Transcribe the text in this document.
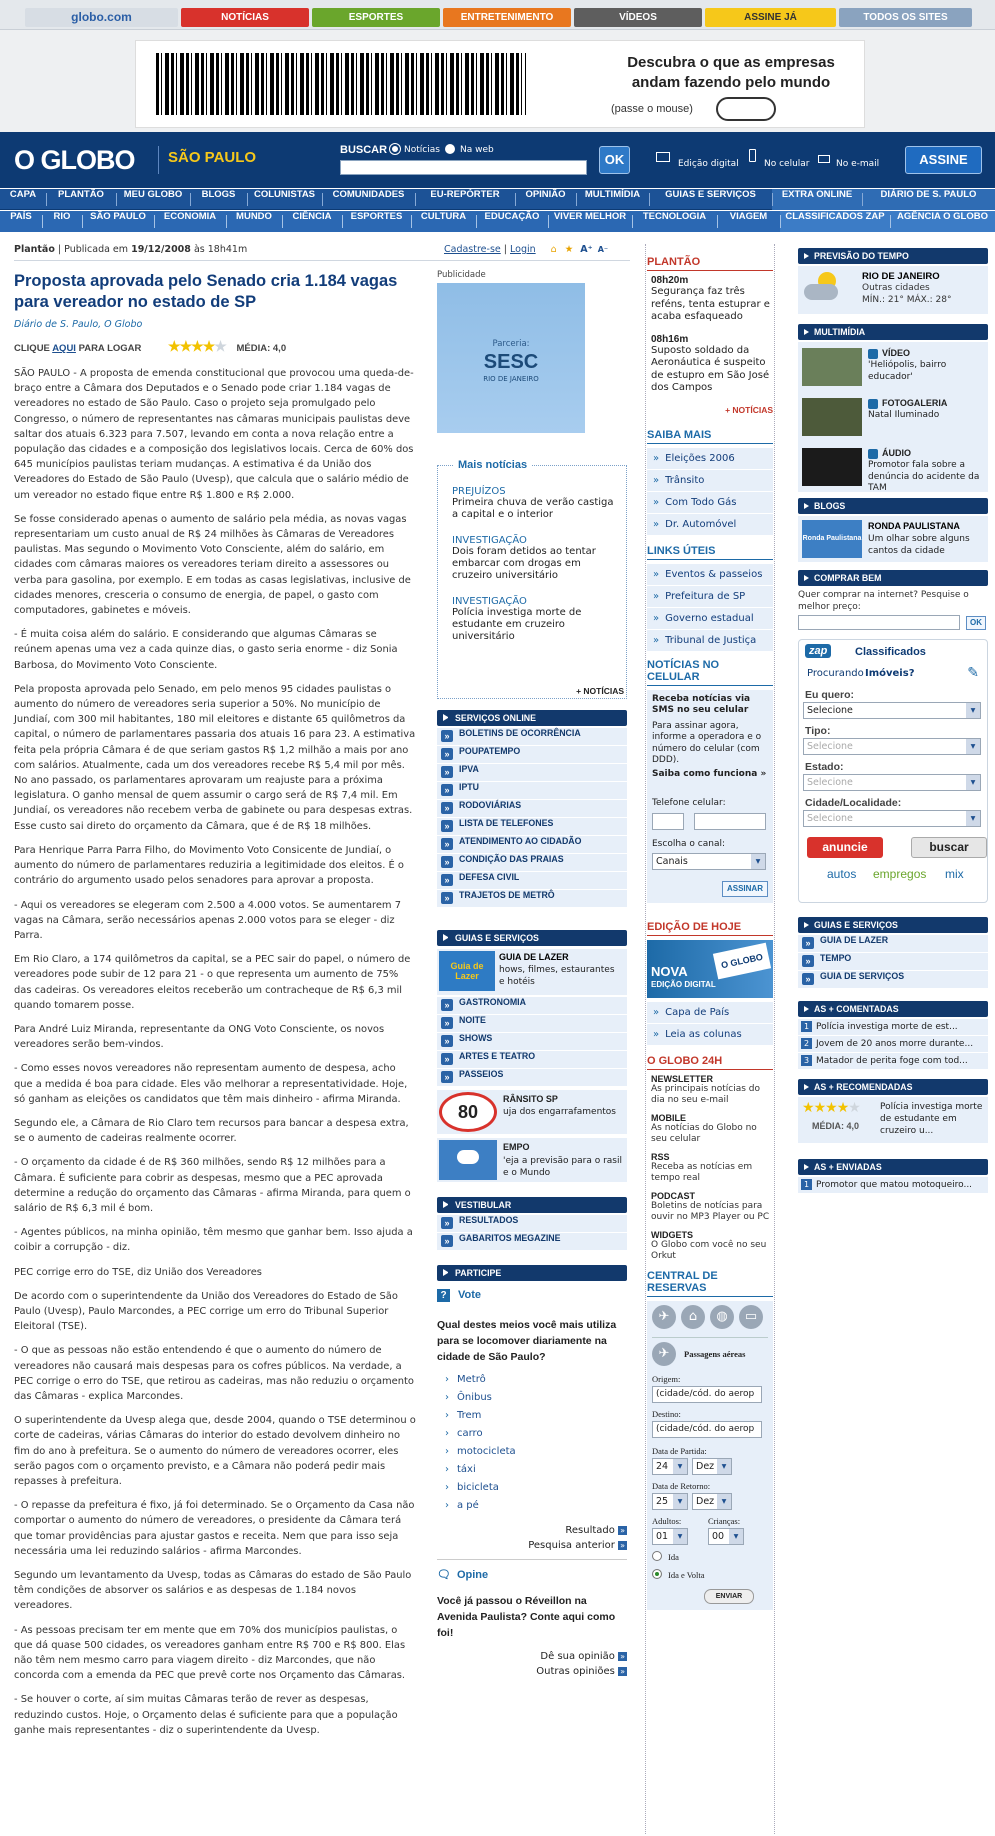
globo.com	NOTÍCIAS	ESPORTES	ENTRETENIMENTO	VÍDEOS	ASSINE JÁ	TODOS OS SITES
Descubra o que as empresas
andam fazendo pelo mundo
(passe o mouse)
O GLOBO SÃO PAULO	BUSCAR Notícias Na web
OK	Edição digital	No celular	No e-mail	ASSINE
CAPA	PLANTÃO	MEU GLOBO	BLOGS	COLUNISTAS	COMUNIDADES	EU-REPÓRTER	OPINIÃO	MULTIMÍDIA	GUIAS E SERVIÇOS	EXTRA ONLINE	DIÁRIO DE S. PAULO
PAÍS	RIO	SÃO PAULO	ECONOMIA	MUNDO	CIÊNCIA	ESPORTES	CULTURA	EDUCAÇÃO	VIVER MELHOR	TECNOLOGIA	VIAGEM	CLASSIFICADOS ZAP	AGÊNCIA O GLOBO
Plantão | Publicada em 19/12/2008 às 18h41m	Cadastre-se | Login ⌂ ★ A⁺ A⁻
Proposta aprovada pelo Senado cria 1.184 vagas para vereador no estado de SP
Diário de S. Paulo, O Globo
CLIQUE AQUI PARA LOGAR ★★★★★ MÉDIA: 4,0

SÃO PAULO - A proposta de emenda constitucional que provocou uma queda-de-braço entre a Câmara dos Deputados e o Senado pode criar 1.184 vagas de vereadores no estado de São Paulo. Caso o projeto seja promulgado pelo Congresso, o número de representantes nas câmaras municipais paulistas deve saltar dos atuais 6.323 para 7.507, levando em conta a nova relação entre a população das cidades e a composição dos legislativos locais. Cerca de 60% dos 645 municípios paulistas teriam mudanças. A estimativa é da União dos Vereadores do Estado de São Paulo (Uvesp), que calcula que o salário médio de um vereador no estado fique entre R$ 1.800 e R$ 2.000.

Se fosse considerado apenas o aumento de salário pela média, as novas vagas representariam um custo anual de R$ 24 milhões às Câmaras de Vereadores paulistas. Mas segundo o Movimento Voto Consciente, além do salário, em cidades com câmaras maiores os vereadores teriam direito a assessores ou verba para gasolina, por exemplo. E em todas as casas legislativas, inclusive de cidades menores, cresceria o consumo de energia, de papel, o gasto com computadores, gabinetes e móveis.

- É muita coisa além do salário. E considerando que algumas Câmaras se reúnem apenas uma vez a cada quinze dias, o gasto seria enorme - diz Sonia Barbosa, do Movimento Voto Consciente.

Pela proposta aprovada pelo Senado, em pelo menos 95 cidades paulistas o aumento do número de vereadores seria superior a 50%. No município de Jundiaí, com 300 mil habitantes, 180 mil eleitores e distante 65 quilômetros da capital, o número de parlamentares passaria dos atuais 16 para 23. A estimativa feita pela própria Câmara é de que seriam gastos R$ 1,2 milhão a mais por ano com salários. Atualmente, cada um dos vereadores recebe R$ 5,4 mil por mês. No ano passado, os parlamentares aprovaram um reajuste para a próxima legislatura. O ganho mensal de quem assumir o cargo será de R$ 7,4 mil. Em Jundiaí, os vereadores não recebem verba de gabinete ou para despesas extras. Esse custo sai direto do orçamento da Câmara, que é de R$ 18 milhões.

Para Henrique Parra Parra Filho, do Movimento Voto Consicente de Jundiaí, o aumento do número de parlamentares reduziria a legitimidade dos eleitos. É o contrário do argumento usado pelos senadores para aprovar a proposta.

- Aqui os vereadores se elegeram com 2.500 a 4.000 votos. Se aumentarem 7 vagas na Câmara, serão necessários apenas 2.000 votos para se eleger - diz Parra.

Em Rio Claro, a 174 quilômetros da capital, se a PEC sair do papel, o número de vereadores pode subir de 12 para 21 - o que representa um aumento de 75% das cadeiras. Os vereadores eleitos receberão um contracheque de R$ 6,3 mil quando tomarem posse.

Para André Luiz Miranda, representante da ONG Voto Consciente, os novos vereadores serão bem-vindos.

- Como esses novos vereadores não representam aumento de despesa, acho que a medida é boa para cidade. Eles vão melhorar a representatividade. Hoje, só ganham as eleições os candidatos que têm mais dinheiro - afirma Miranda.

Segundo ele, a Câmara de Rio Claro tem recursos para bancar a despesa extra, se o aumento de cadeiras realmente ocorrer.

- O orçamento da cidade é de R$ 360 milhões, sendo R$ 12 milhões para a Câmara. É suficiente para cobrir as despesas, mesmo que a PEC aprovada determine a redução do orçamento das Câmaras - afirma Miranda, para quem o salário de R$ 6,3 mil é bom.

- Agentes públicos, na minha opinião, têm mesmo que ganhar bem. Isso ajuda a coibir a corrupção - diz.

PEC corrige erro do TSE, diz União dos Vereadores

De acordo com o superintendente da União dos Vereadores do Estado de São Paulo (Uvesp), Paulo Marcondes, a PEC corrige um erro do Tribunal Superior Eleitoral (TSE).

- O que as pessoas não estão entendendo é que o aumento do número de vereadores não causará mais despesas para os cofres públicos. Na verdade, a PEC corrige o erro do TSE, que retirou as cadeiras, mas não reduziu o orçamento das Câmaras - explica Marcondes.

O superintendente da Uvesp alega que, desde 2004, quando o TSE determinou o corte de cadeiras, várias Câmaras do interior do estado devolvem dinheiro no fim do ano à prefeitura. Se o aumento do número de vereadores ocorrer, eles serão pagos com o orçamento previsto, e a Câmara não poderá pedir mais repasses à prefeitura.

- O repasse da prefeitura é fixo, já foi determinado. Se o Orçamento da Casa não comportar o aumento do número de vereadores, o presidente da Câmara terá que tomar providências para ajustar gastos e receita. Nem que para isso seja necessária uma lei reduzindo salários - afirma Marcondes.

Segundo um levantamento da Uvesp, todas as Câmaras do estado de São Paulo têm condições de absorver os salários e as despesas de 1.184 novos vereadores.

- As pessoas precisam ter em mente que em 70% dos municípios paulistas, o que dá quase 500 cidades, os vereadores ganham entre R$ 700 e R$ 800. Elas não têm nem mesmo carro para viagem direito - diz Marcondes, que não concorda com a emenda da PEC que prevê corte nos Orçamento das Câmaras.

- Se houver o corte, aí sim muitas Câmaras terão de rever as despesas, reduzindo custos. Hoje, o Orçamento delas é suficiente para que a população ganhe mais representantes - diz o superintendente da Uvesp.

Publicidade
Parceria:
SESC
RIO DE JANEIRO
Mais notícias
PREJUÍZOS
Primeira chuva de verão castiga a capital e o interior
INVESTIGAÇÃO
Dois foram detidos ao tentar embarcar com drogas em cruzeiro universitário
INVESTIGAÇÃO
Polícia investiga morte de estudante em cruzeiro universitário
+ NOTÍCIAS
SERVIÇOS ONLINE
» BOLETINS DE OCORRÊNCIA
» POUPATEMPO
» IPVA
» IPTU
» RODOVIÁRIAS
» LISTA DE TELEFONES
» ATENDIMENTO AO CIDADÃO
» CONDIÇÃO DAS PRAIAS
» DEFESA CIVIL
» TRAJETOS DE METRÔ
GUIAS E SERVIÇOS
Guia de Lazer
GUIA DE LAZER
hows, filmes, estaurantes e hotéis
» GASTRONOMIA
» NOITE
» SHOWS
» ARTES E TEATRO
» PASSEIOS
80
RÂNSITO SP
uja dos engarrafamentos
EMPO
'eja a previsão para o rasil e o Mundo
VESTIBULAR
» RESULTADOS
» GABARITOS MEGAZINE
PARTICIPE
? Vote
Qual destes meios você mais utiliza para se locomover diariamente na cidade de São Paulo?
› Metrô
› Ônibus
› Trem
› carro
› motocicleta
› táxi
› bicicleta
› a pé
Resultado »
Pesquisa anterior »
🗨 Opine
Você já passou o Réveillon na Avenida Paulista? Conte aqui como foi!
Dê sua opinião »
Outras opiniões »
PLANTÃO
08h20m
Segurança faz três reféns, tenta estuprar e acaba esfaqueado
08h16m
Suposto soldado da Aeronáutica é suspeito de estupro em São José dos Campos
+ NOTÍCIAS
SAIBA MAIS
» Eleições 2006
» Trânsito
» Com Todo Gás
» Dr. Automóvel
LINKS ÚTEIS
» Eventos & passeios
» Prefeitura de SP
» Governo estadual
» Tribunal de Justiça
NOTÍCIAS NO CELULAR
Receba notícias via SMS no seu celular
Para assinar agora, informe a operadora e o número do celular (com DDD).
Saiba como funciona »
Telefone celular:
Escolha o canal:
Canais ▾
ASSINAR
EDIÇÃO DE HOJE
NOVA
EDIÇÃO DIGITAL
O GLOBO
» Capa de País
» Leia as colunas
O GLOBO 24H
NEWSLETTER
As principais notícias do dia no seu e-mail
MOBILE
As notícias do Globo no seu celular
RSS
Receba as notícias em tempo real
PODCAST
Boletins de notícias para ouvir no MP3 Player ou PC
WIDGETS
O Globo com você no seu Orkut
CENTRAL DE RESERVAS
✈	⌂	◍	▭
✈	Passagens aéreas
Origem:
(cidade/cód. do aerop
Destino:
(cidade/cód. do aerop
Data de Partida:
24 ▾	Dez ▾
Data de Retorno:
25 ▾	Dez ▾
Adultos:	Crianças:
01 ▾	00 ▾
Ida
Ida e Volta
ENVIAR
PREVISÃO DO TEMPO
RIO DE JANEIRO
Outras cidades
MÍN.: 21° MÁX.: 28°
MULTIMÍDIA
VÍDEO
'Heliópolis, bairro educador'
FOTOGALERIA
Natal Iluminado
ÁUDIO
Promotor fala sobre a denúncia do acidente da TAM
BLOGS
Ronda Paulistana
RONDA PAULISTANA
Um olhar sobre alguns cantos da cidade
COMPRAR BEM
Quer comprar na internet? Pesquise o melhor preço:
OK
zap	Classificados
Procurando Imóveis?	✎
Eu quero:
Selecione ▾
Tipo:
Selecione ▾
Estado:
Selecione ▾
Cidade/Localidade:
Selecione ▾
anuncie	buscar
autos empregos mix
GUIAS E SERVIÇOS
» GUIA DE LAZER
» TEMPO
» GUIA DE SERVIÇOS
AS + COMENTADAS
1 Polícia investiga morte de est...
2 Jovem de 20 anos morre durante...
3 Matador de perita foge com tod...
AS + RECOMENDADAS
★★★★★
MÉDIA: 4,0
Polícia investiga morte de estudante em cruzeiro u...
AS + ENVIADAS
1 Promotor que matou motoqueiro...
